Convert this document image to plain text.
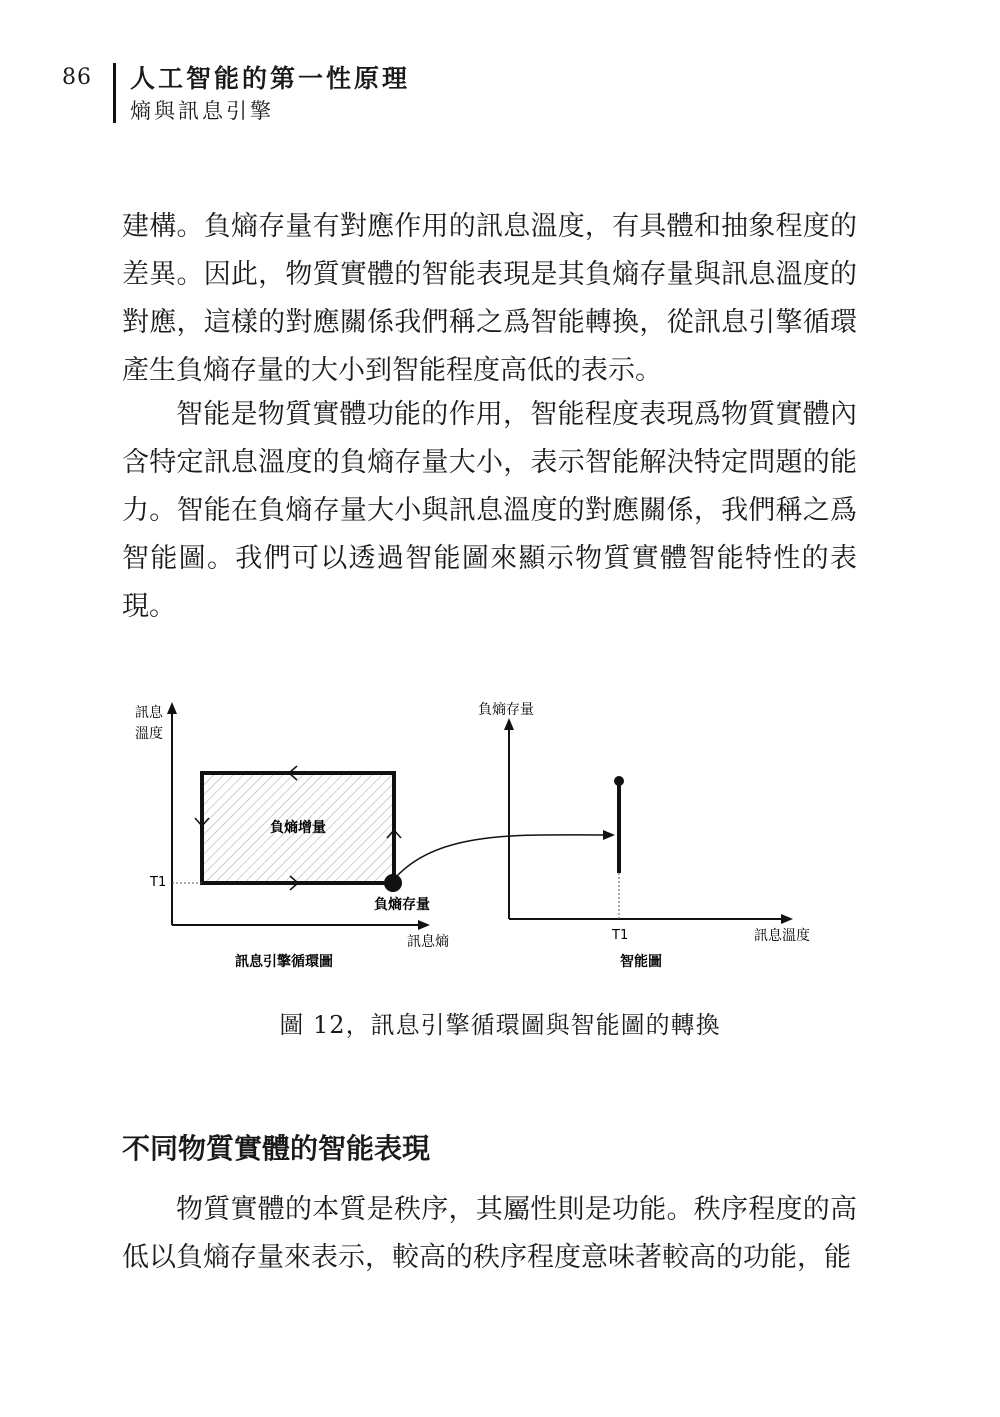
86 人工智能的第一性原理
熵與訊息引擎

建構。負熵存量有對應作用的訊息溫度，有具體和抽象程度的差異。因此，物質實體的智能表現是其負熵存量與訊息溫度的對應，這樣的對應關係我們稱之爲智能轉換，從訊息引擎循環產生負熵存量的大小到智能程度高低的表示。

智能是物質實體功能的作用，智能程度表現爲物質實體內含特定訊息溫度的負熵存量大小，表示智能解決特定問題的能力。智能在負熵存量大小與訊息溫度的對應關係，我們稱之爲智能圖。我們可以透過智能圖來顯示物質實體智能特性的表現。

訊息
溫度
負熵增量
T1
負熵存量
訊息熵
訊息引擎循環圖
負熵存量
T1	訊息溫度
智能圖
圖 12，訊息引擎循環圖與智能圖的轉換
不同物質實體的智能表現

物質實體的本質是秩序，其屬性則是功能。秩序程度的高低以負熵存量來表示，較高的秩序程度意味著較高的功能，能
